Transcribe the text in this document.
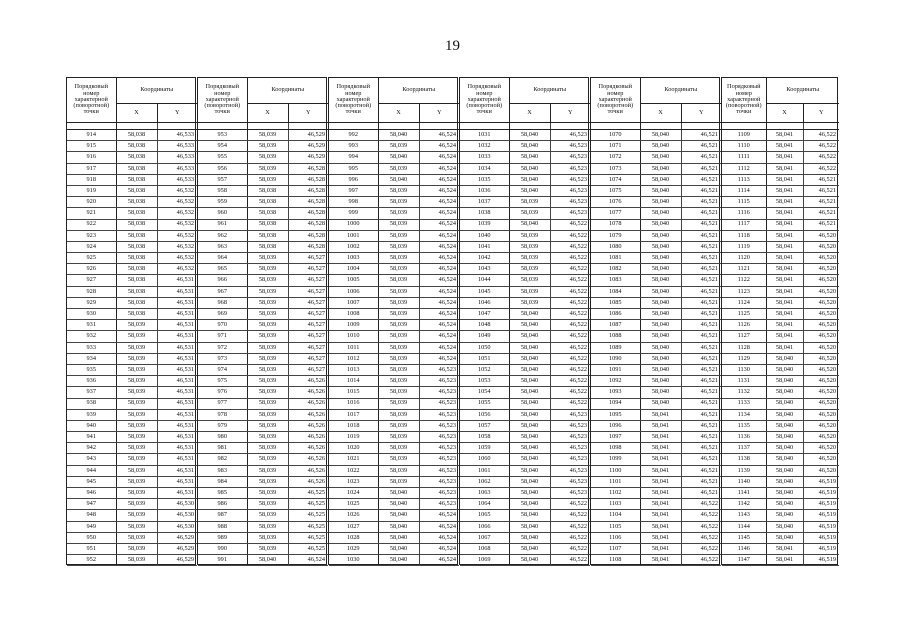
19
Порядковый номер
характерной
(поворотной)
точки	Координаты	
	X	Y

914	58,038	46,533
915	58,038	46,533
916	58,038	46,533
917	58,038	46,533
918	58,038	46,533
919	58,038	46,532
920	58,038	46,532
921	58,038	46,532
922	58,038	46,532
923	58,038	46,532
924	58,038	46,532
925	58,038	46,532
926	58,038	46,532
927	58,038	46,531
928	58,038	46,531
929	58,038	46,531
930	58,038	46,531
931	58,039	46,531
932	58,039	46,531
933	58,039	46,531
934	58,039	46,531
935	58,039	46,531
936	58,039	46,531
937	58,039	46,531
938	58,039	46,531
939	58,039	46,531
940	58,039	46,531
941	58,039	46,531
942	58,039	46,531
943	58,039	46,531
944	58,039	46,531
945	58,039	46,531
946	58,039	46,531
947	58,039	46,530
948	58,039	46,530
949	58,039	46,530
950	58,039	46,529
951	58,039	46,529
952	58,039	46,529
Порядковый номер
характерной
(поворотной)
точки	Координаты	
	X	Y

953	58,039	46,529
954	58,039	46,529
955	58,039	46,529
956	58,039	46,528
957	58,039	46,528
958	58,038	46,528
959	58,038	46,528
960	58,038	46,528
961	58,038	46,528
962	58,038	46,528
963	58,038	46,528
964	58,039	46,527
965	58,039	46,527
966	58,039	46,527
967	58,039	46,527
968	58,039	46,527
969	58,039	46,527
970	58,039	46,527
971	58,039	46,527
972	58,039	46,527
973	58,039	46,527
974	58,039	46,527
975	58,039	46,526
976	58,039	46,526
977	58,039	46,526
978	58,039	46,526
979	58,039	46,526
980	58,039	46,526
981	58,039	46,526
982	58,039	46,526
983	58,039	46,526
984	58,039	46,526
985	58,039	46,525
986	58,039	46,525
987	58,039	46,525
988	58,039	46,525
989	58,039	46,525
990	58,039	46,525
991	58,040	46,524
Порядковый номер
характерной
(поворотной)
точки	Координаты	
	X	Y

992	58,040	46,524
993	58,039	46,524
994	58,040	46,524
995	58,039	46,524
996	58,040	46,524
997	58,039	46,524
998	58,039	46,524
999	58,039	46,524
1000	58,039	46,524
1001	58,039	46,524
1002	58,039	46,524
1003	58,039	46,524
1004	58,039	46,524
1005	58,039	46,524
1006	58,039	46,524
1007	58,039	46,524
1008	58,039	46,524
1009	58,039	46,524
1010	58,039	46,524
1011	58,039	46,524
1012	58,039	46,524
1013	58,039	46,523
1014	58,039	46,523
1015	58,039	46,523
1016	58,039	46,523
1017	58,039	46,523
1018	58,039	46,523
1019	58,039	46,523
1020	58,039	46,523
1021	58,039	46,523
1022	58,039	46,523
1023	58,039	46,523
1024	58,040	46,523
1025	58,040	46,523
1026	58,040	46,524
1027	58,040	46,524
1028	58,040	46,524
1029	58,040	46,524
1030	58,040	46,524
Порядковый номер
характерной
(поворотной)
точки	Координаты	
	X	Y

1031	58,040	46,523
1032	58,040	46,523
1033	58,040	46,523
1034	58,040	46,523
1035	58,040	46,523
1036	58,040	46,523
1037	58,039	46,523
1038	58,039	46,523
1039	58,040	46,522
1040	58,039	46,522
1041	58,039	46,522
1042	58,039	46,522
1043	58,039	46,522
1044	58,039	46,522
1045	58,039	46,522
1046	58,039	46,522
1047	58,040	46,522
1048	58,040	46,522
1049	58,040	46,522
1050	58,040	46,522
1051	58,040	46,522
1052	58,040	46,522
1053	58,040	46,522
1054	58,040	46,522
1055	58,040	46,522
1056	58,040	46,523
1057	58,040	46,523
1058	58,040	46,523
1059	58,040	46,523
1060	58,040	46,523
1061	58,040	46,523
1062	58,040	46,523
1063	58,040	46,523
1064	58,040	46,522
1065	58,040	46,522
1066	58,040	46,522
1067	58,040	46,522
1068	58,040	46,522
1069	58,040	46,522
Порядковый номер
характерной
(поворотной)
точки	Координаты	
	X	Y

1070	58,040	46,521
1071	58,040	46,521
1072	58,040	46,521
1073	58,040	46,521
1074	58,040	46,521
1075	58,040	46,521
1076	58,040	46,521
1077	58,040	46,521
1078	58,040	46,521
1079	58,040	46,521
1080	58,040	46,521
1081	58,040	46,521
1082	58,040	46,521
1083	58,040	46,521
1084	58,040	46,521
1085	58,040	46,521
1086	58,040	46,521
1087	58,040	46,521
1088	58,040	46,521
1089	58,040	46,521
1090	58,040	46,521
1091	58,040	46,521
1092	58,040	46,521
1093	58,040	46,521
1094	58,040	46,521
1095	58,041	46,521
1096	58,041	46,521
1097	58,041	46,521
1098	58,041	46,521
1099	58,041	46,521
1100	58,041	46,521
1101	58,041	46,521
1102	58,041	46,521
1103	58,041	46,522
1104	58,041	46,522
1105	58,041	46,522
1106	58,041	46,522
1107	58,041	46,522
1108	58,041	46,522
Порядковый номер
характерной
(поворотной)
точки	Координаты	
	X	Y

1109	58,041	46,522
1110	58,041	46,522
1111	58,041	46,522
1112	58,041	46,522
1113	58,041	46,521
1114	58,041	46,521
1115	58,041	46,521
1116	58,041	46,521
1117	58,041	46,521
1118	58,041	46,520
1119	58,041	46,520
1120	58,041	46,520
1121	58,041	46,520
1122	58,041	46,520
1123	58,041	46,520
1124	58,041	46,520
1125	58,041	46,520
1126	58,041	46,520
1127	58,041	46,520
1128	58,041	46,520
1129	58,040	46,520
1130	58,040	46,520
1131	58,040	46,520
1132	58,040	46,520
1133	58,040	46,520
1134	58,040	46,520
1135	58,040	46,520
1136	58,040	46,520
1137	58,040	46,520
1138	58,040	46,520
1139	58,040	46,520
1140	58,040	46,519
1141	58,040	46,519
1142	58,040	46,519
1143	58,040	46,519
1144	58,040	46,519
1145	58,040	46,519
1146	58,041	46,519
1147	58,041	46,519
